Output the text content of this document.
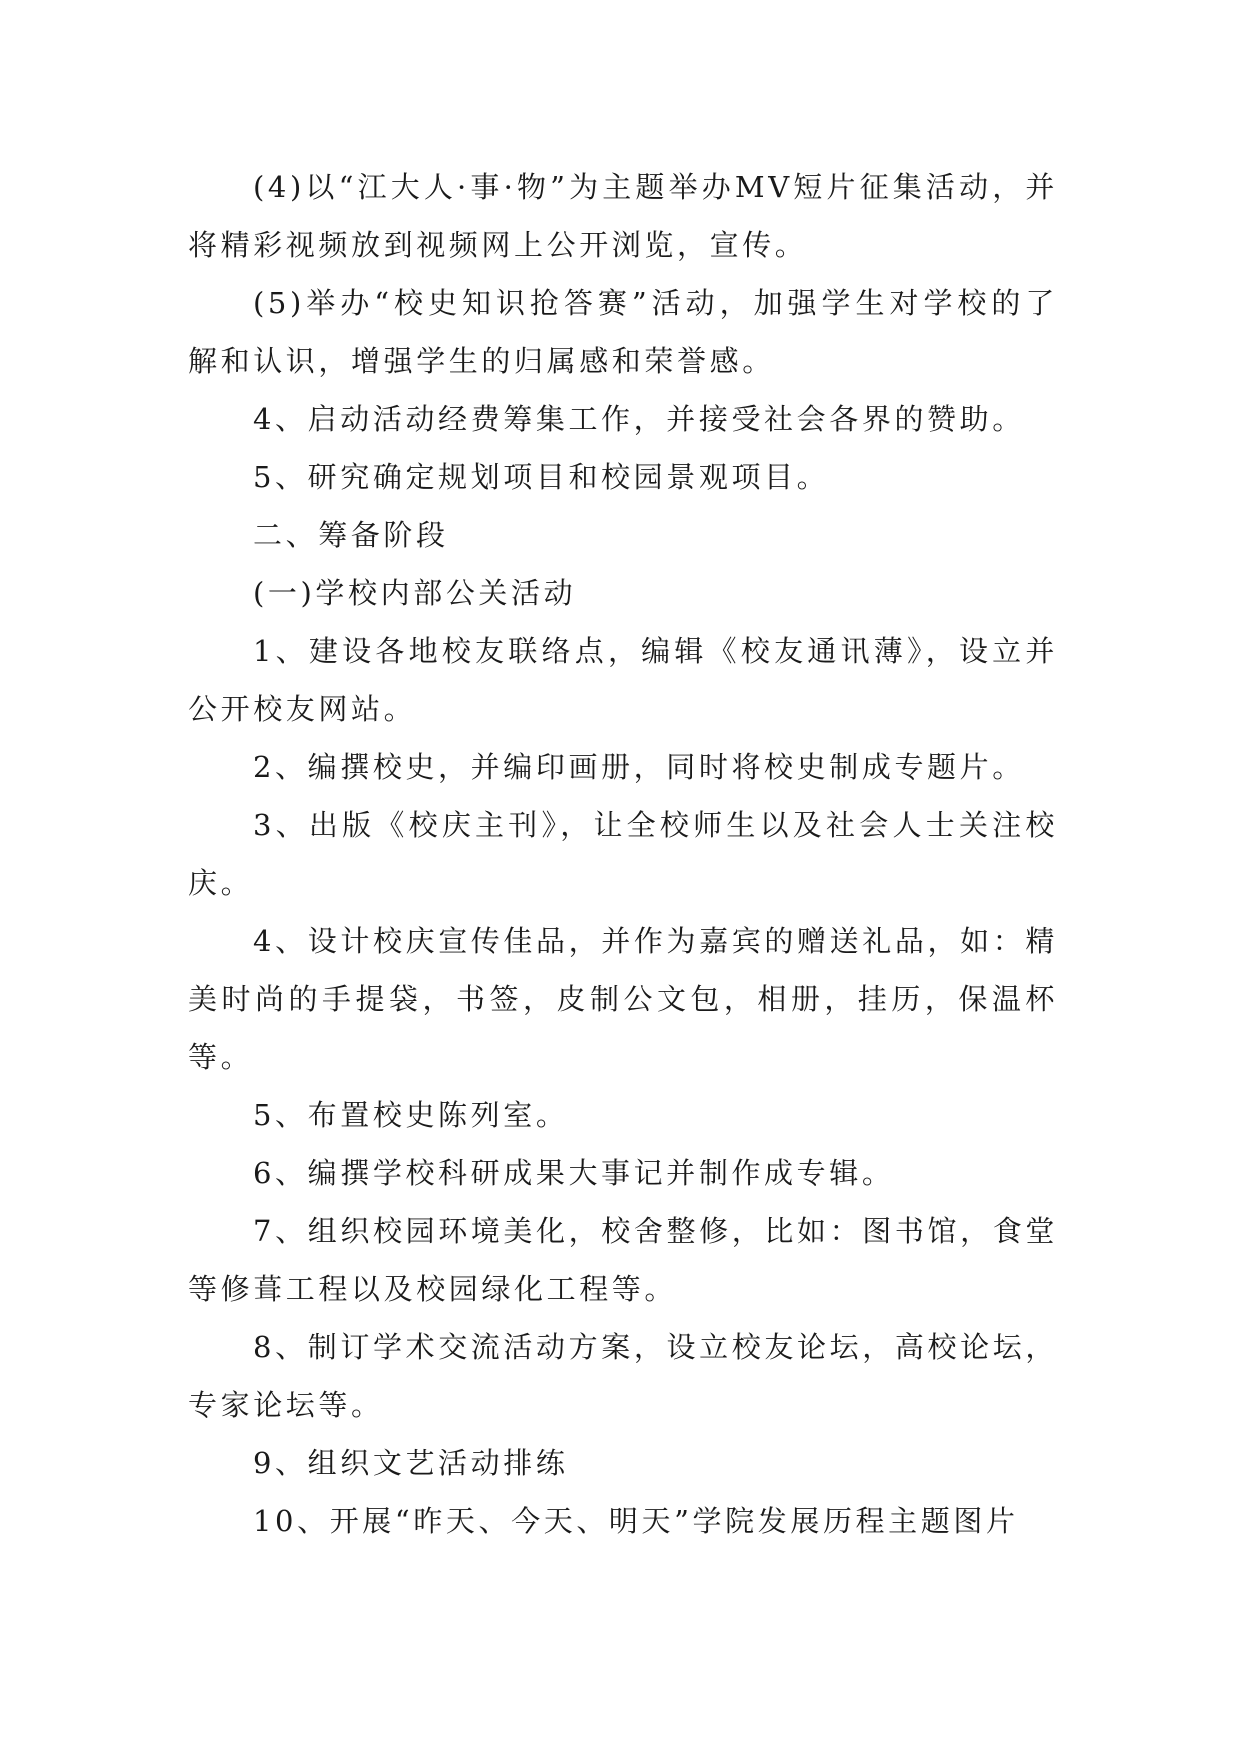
(4)以“江大人·事·物”为主题举办MV短片征集活动，并将精彩视频放到视频网上公开浏览，宣传。

(5)举办“校史知识抢答赛”活动，加强学生对学校的了解和认识，增强学生的归属感和荣誉感。

4、启动活动经费筹集工作，并接受社会各界的赞助。

5、研究确定规划项目和校园景观项目。

二、筹备阶段

(一)学校内部公关活动

1、建设各地校友联络点，编辑《校友通讯薄》，设立并公开校友网站。

2、编撰校史，并编印画册，同时将校史制成专题片。

3、出版《校庆主刊》，让全校师生以及社会人士关注校庆。

4、设计校庆宣传佳品，并作为嘉宾的赠送礼品，如：精美时尚的手提袋，书签，皮制公文包，相册，挂历，保温杯等。

5、布置校史陈列室。

6、编撰学校科研成果大事记并制作成专辑。

7、组织校园环境美化，校舍整修，比如：图书馆，食堂等修葺工程以及校园绿化工程等。

8、制订学术交流活动方案，设立校友论坛，高校论坛，专家论坛等。

9、组织文艺活动排练

10、开展“昨天、今天、明天”学院发展历程主题图片
